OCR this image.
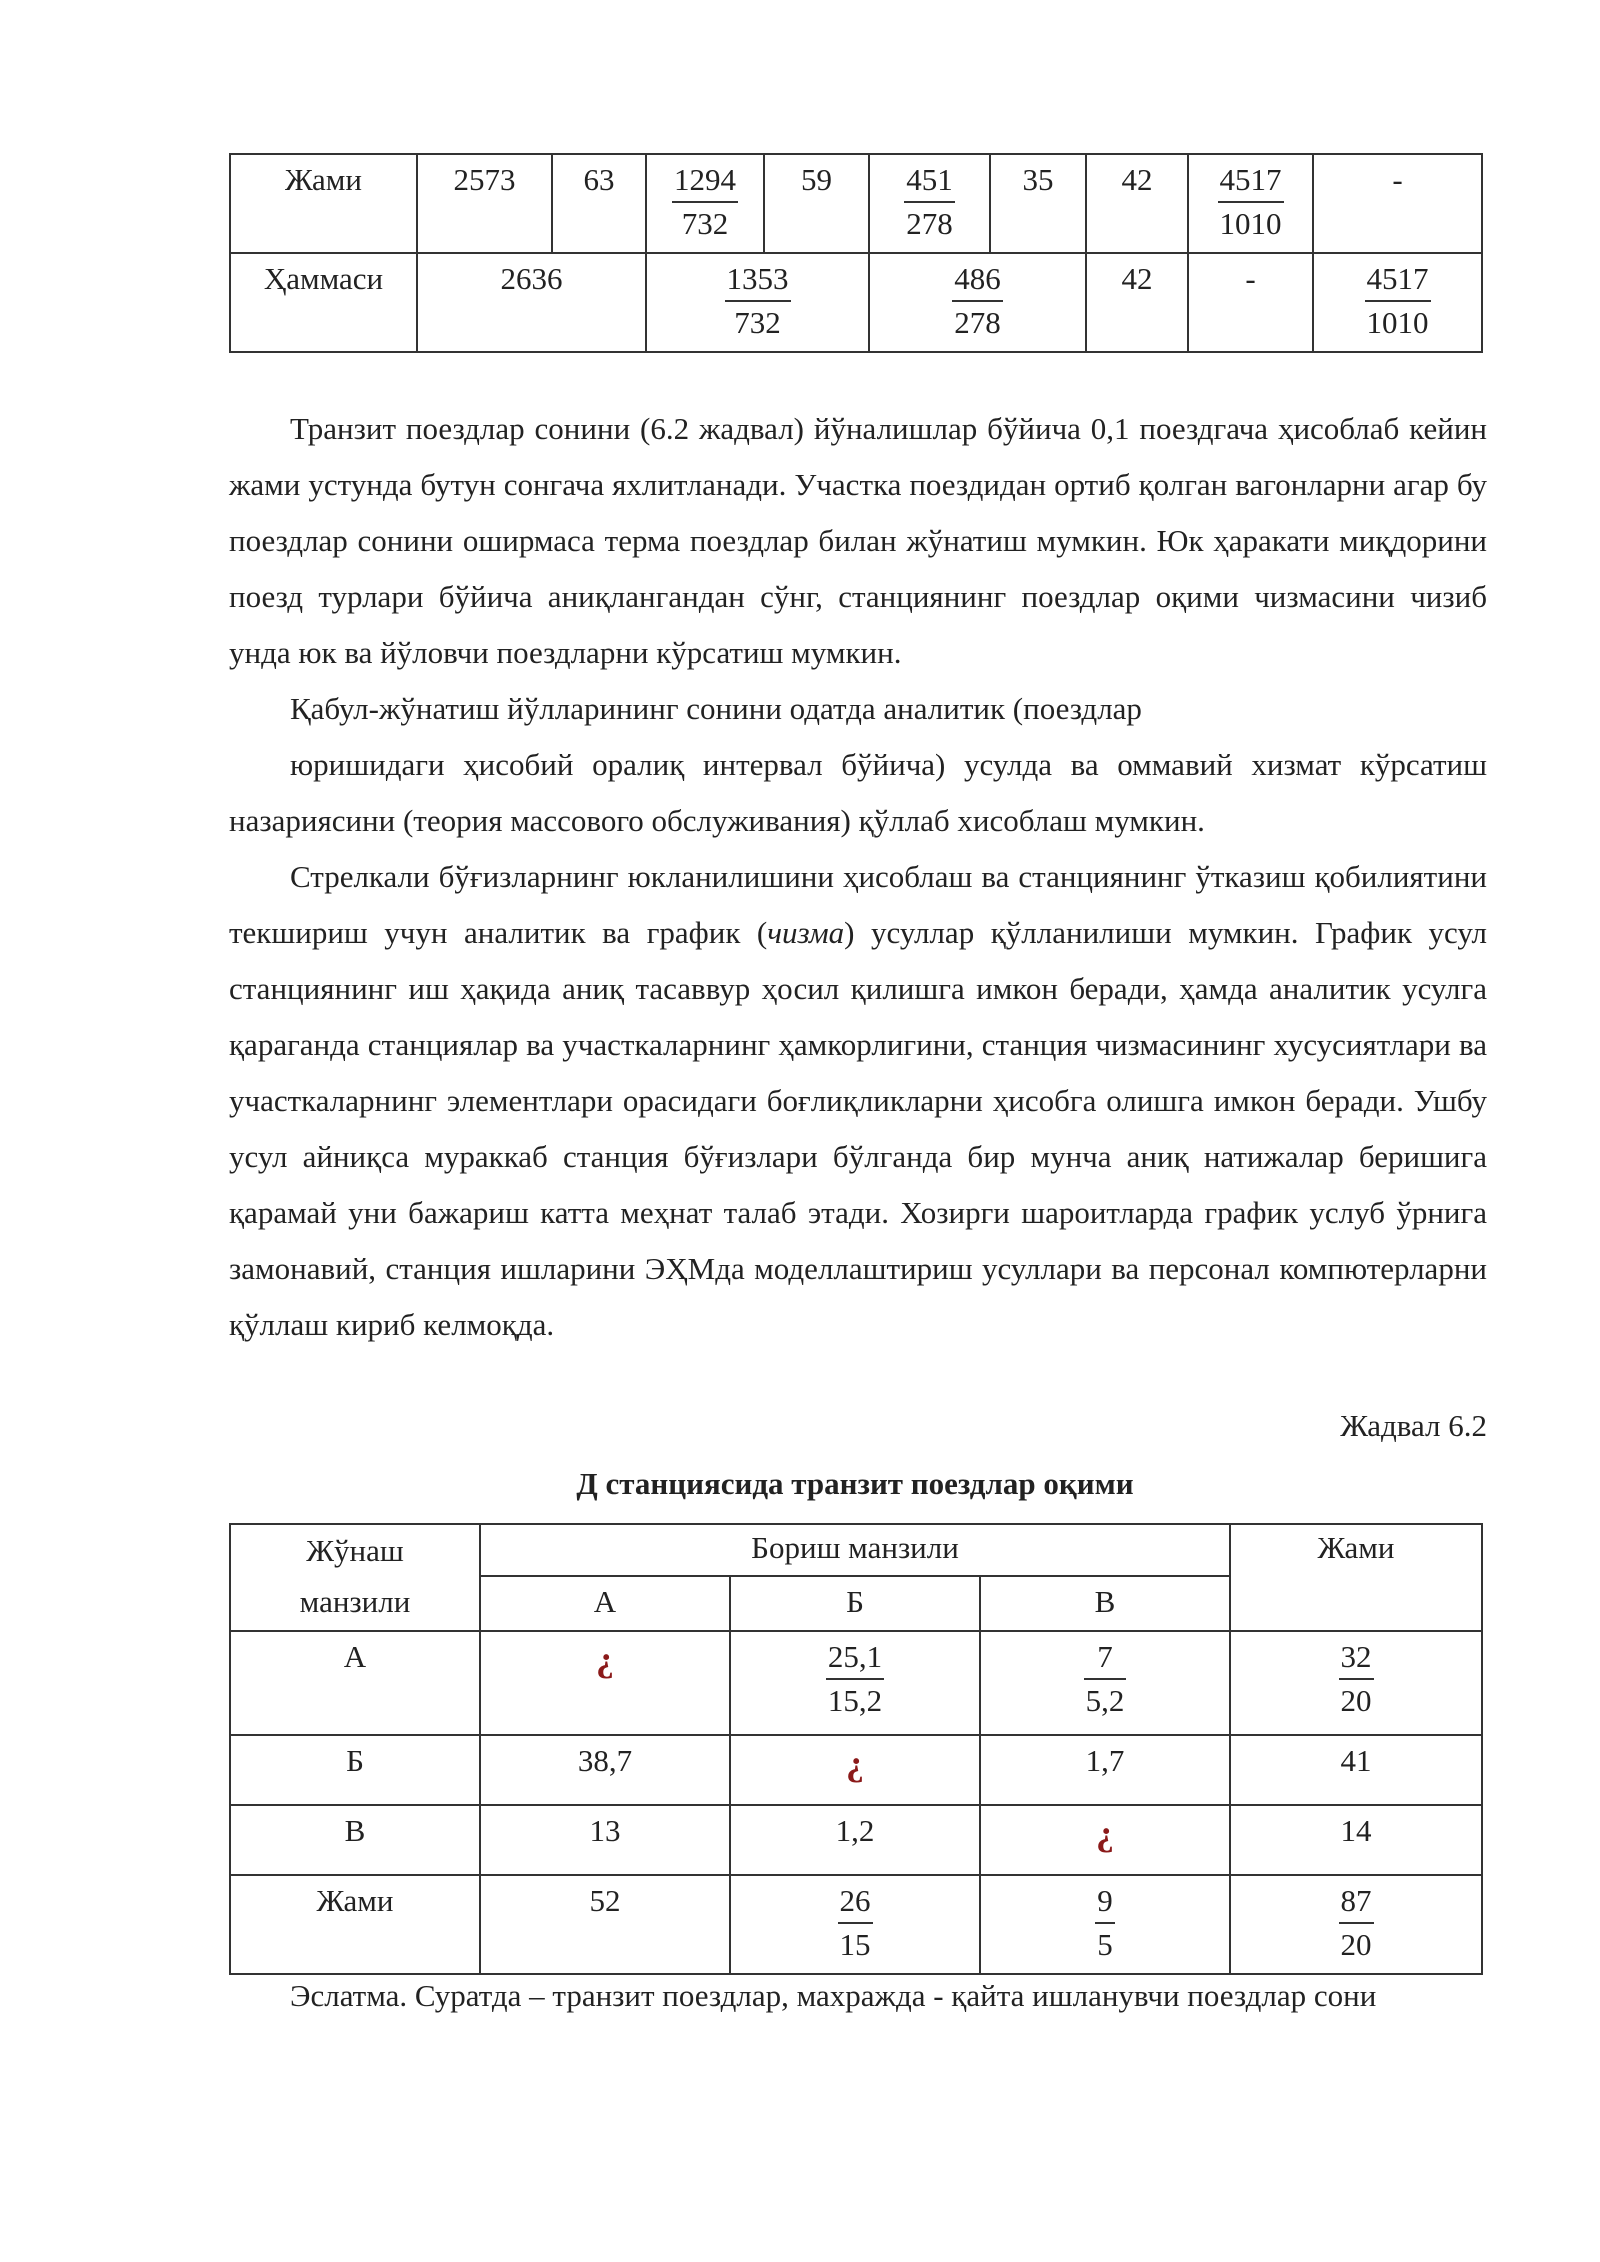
Жами	2573	63	$\frac{1294}{732}$	59	$\frac{451}{278}$	35	42	$\frac{4517}{1010}$	-
Ҳаммаси	2636		$\frac{1353}{732}$		$\frac{486}{278}$		42	-	$\frac{4517}{1010}$

Транзит поездлар сонини (6.2 жадвал) йўналишлар бўйича 0,1 поездгача ҳисоблаб кейин жами устунда бутун сонгача яхлитланади. Участка поездидан ортиб қолган вагонларни агар бу поездлар сонини оширмаса терма поездлар билан жўнатиш мумкин. Юк ҳаракати миқдорини поезд турлари бўйича аниқлангандан сўнг, станциянинг поездлар оқими чизмасини чизиб унда юк ва йўловчи поездларни кўрсатиш мумкин.

Қабул-жўнатиш йўлларининг сонини одатда аналитик (поездлар

юришидаги ҳисобий оралиқ интервал бўйича) усулда ва оммавий хизмат кўрсатиш назариясини (теория массового обслуживания) қўллаб хисоблаш мумкин.

Стрелкали бўғизларнинг юкланилишини ҳисоблаш ва станциянинг ўтказиш қобилиятини текшириш учун аналитик ва график (чизма) усуллар қўлланилиши мумкин. График усул станциянинг иш ҳақида аниқ тасаввур ҳосил қилишга имкон беради, ҳамда аналитик усулга қараганда станциялар ва участкаларнинг ҳамкорлигини, станция чизмасининг хусусиятлари ва участкаларнинг элементлари орасидаги боғлиқликларни ҳисобга олишга имкон беради. Ушбу усул айниқса мураккаб станция бўғизлари бўлганда бир мунча аниқ натижалар беришига қарамай уни бажариш катта меҳнат талаб этади. Хозирги шароитларда график услуб ўрнига замонавий, станция ишларини ЭҲМда моделлаштириш усуллари ва персонал компютерларни қўллаш кириб келмоқда.

Жадвал 6.2
Д станциясида транзит поездлар оқими
Жўнаш
манзили	Бориш манзили			Жами
	А	Б	В	
А	¿	$\frac{25,1}{15,2}$	$\frac{7}{5,2}$	$\frac{32}{20}$

Б	38,7	¿	1,7	41
В	13	1,2	¿	14
Жами	52	$\frac{26}{15}$	$\frac{9}{5}$	$\frac{87}{20}$
Эслатма. Суратда – транзит поездлар, махражда - қайта ишланувчи поездлар сони
